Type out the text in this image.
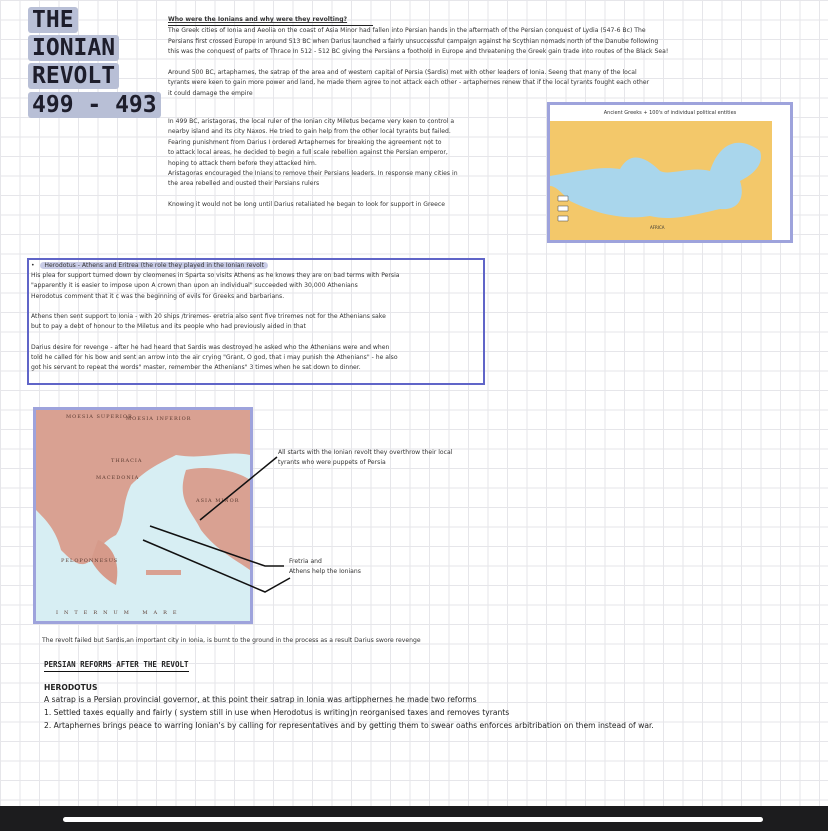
THE
IONIAN
REVOLT
499 - 493
Who were the Ionians and why were they revolting?
The Greek cities of Ionia and Aeolia on the coast of Asia Minor had fallen into Persian hands in the aftermath of the Persian conquest of Lydia (547-6 Bc) The
Persians first crossed Europe in around 513 BC when Darius launched a fairly unsuccessful campaign against he Scythian nomads north of the Danube following
this was the conquest of parts of Thrace In 512 - 512 BC giving the Persians a foothold in Europe and threatening the Greek gain trade into routes of the Black Sea!

Around 500 BC, artapharnes, the satrap of the area and of western capital of Persia (Sardis) met with other leaders of Ionia. Seeng that many of the local
tyrants were keen to gain more power and land, he made them agree to not attack each other - artaphernes renew that if the local tyrants fought each other
it could damage the empire
In 499 BC, aristagoras, the local ruler of the Ionian city Miletus became very keen to control a
nearby island and its city Naxos. He tried to gain help from the other local tyrants but failed.
Fearing punishment from Darius I ordered Artaphernes for breaking the agreement not to
to attack local areas, he decided to begin a full scale rebellion against the Persian emperor,
hoping to attack them before they attacked him.
Aristagoras encouraged the Inians to remove their Persians leaders. In response many cities in
the area rebelled and ousted their Persians rulers

Knowing it would not be long until Darius retaliated he began to look for support in Greece
Ancient Greeks + 100's of individual political entities
AFRICA
•   Herodotus - Athens and Eritrea (the role they played in the Ionian revolt
His plea for support turned down by cleomenes in Sparta so visits Athens as he knows they are on bad terms with Persia
"apparently it is easier to impose upon A crown than upon an individual" succeeded with 30,000 Athenians
Herodotus comment that it c was the beginning of evils for Greeks and barbarians.

Athens then sent support to Ionia - with 20 ships /triremes- eretria also sent five triremes not for the Athenians sake
but to pay a debt of honour to the Miletus and its people who had previously aided in that

Darius desire for revenge - after he had heard that Sardis was destroyed he asked who the Athenians were and when
told he called for his bow and sent an arrow into the air crying "Grant, O god, that i may punish the Athenians" - he also
got his servant to repeat the words" master, remember the Athenians" 3 times when he sat down to dinner.
MOESIA SUPERIOR
MOESIA INFERIOR
THRACIA
MACEDONIA
ASIA MINOR
PELOPONNESUS
INTERNUM MARE
All starts with the Ionian revolt they overthrow their local
tyrants who were puppets of Persia
Fretria and
Athens help the Ionians
The revolt failed but Sardis,an important city in Ionia, is burnt to the ground in the process as a result Darius swore revenge
PERSIAN REFORMS AFTER THE REVOLT
HERODOTUS
A satrap is a Persian provincial governor, at this point their satrap in Ionia was artipphernes he made two reforms
1. Settled taxes equally and fairly ( system still in use when Herodotus is writing)n reorganised taxes and removes tyrants
2. Artaphernes brings peace to warring Ionian's by calling for representatives and by getting them to swear oaths enforces arbitribation on them instead of war.
